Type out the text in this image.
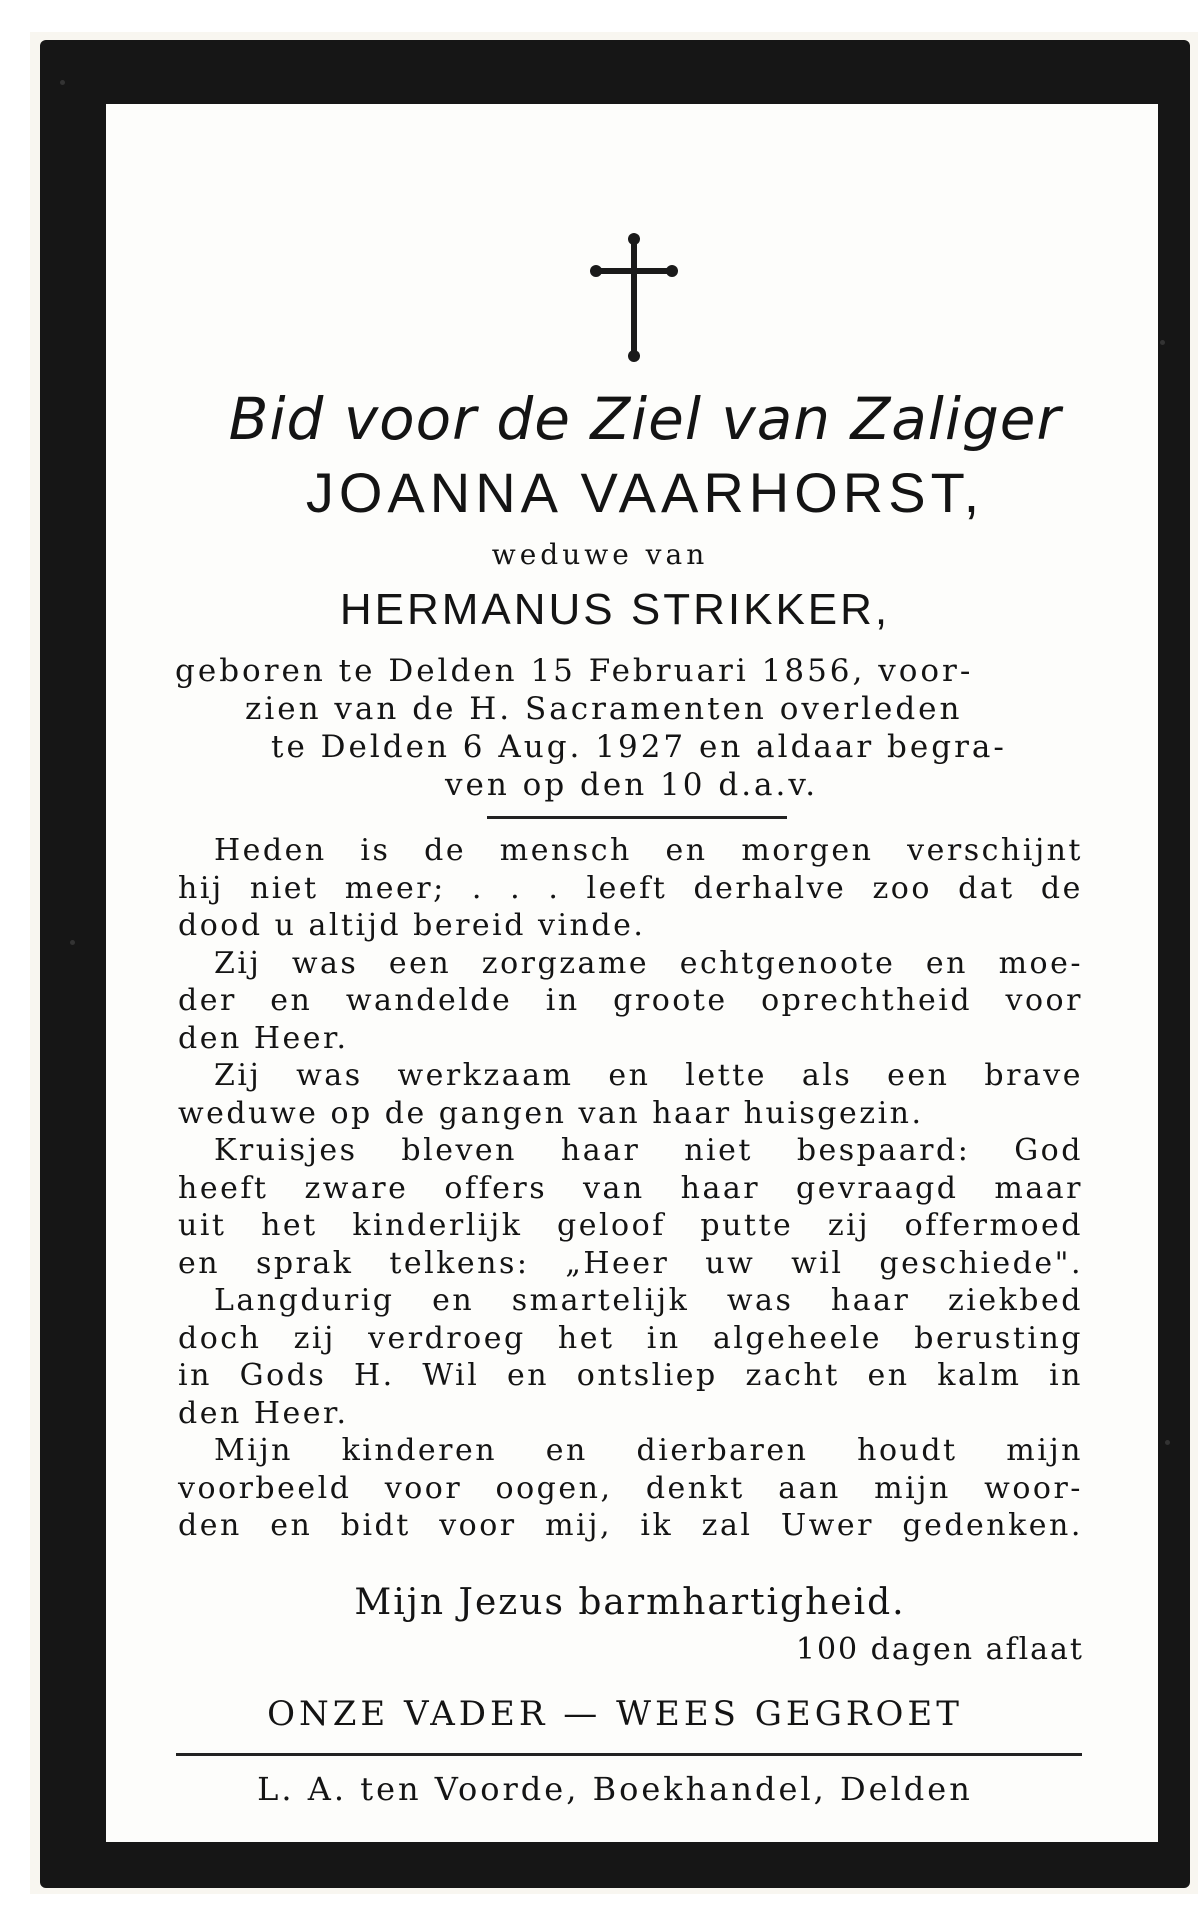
Bid voor de Ziel van Zaliger
JOANNA VAARHORST,
weduwe van
HERMANUS STRIKKER,
geboren te Delden 15 Februari 1856, voor-
zien van de H. Sacramenten overleden
te Delden 6 Aug. 1927 en aldaar begra-
ven op den 10 d.a.v.
Heden is de mensch en morgen verschijnt
hij niet meer; . . . leeft derhalve zoo dat de
dood u altijd bereid vinde.
Zij was een zorgzame echtgenoote en moe-
der en wandelde in groote oprechtheid voor
den Heer.
Zij was werkzaam en lette als een brave
weduwe op de gangen van haar huisgezin.
Kruisjes bleven haar niet bespaard: God
heeft zware offers van haar gevraagd maar
uit het kinderlijk geloof putte zij offermoed
en sprak telkens: „Heer uw wil geschiede".
Langdurig en smartelijk was haar ziekbed
doch zij verdroeg het in algeheele berusting
in Gods H. Wil en ontsliep zacht en kalm in
den Heer.
Mijn kinderen en dierbaren houdt mijn
voorbeeld voor oogen, denkt aan mijn woor-
den en bidt voor mij, ik zal Uwer gedenken.
Mijn Jezus barmhartigheid.
100 dagen aflaat
ONZE VADER — WEES GEGROET
L. A. ten Voorde, Boekhandel, Delden
